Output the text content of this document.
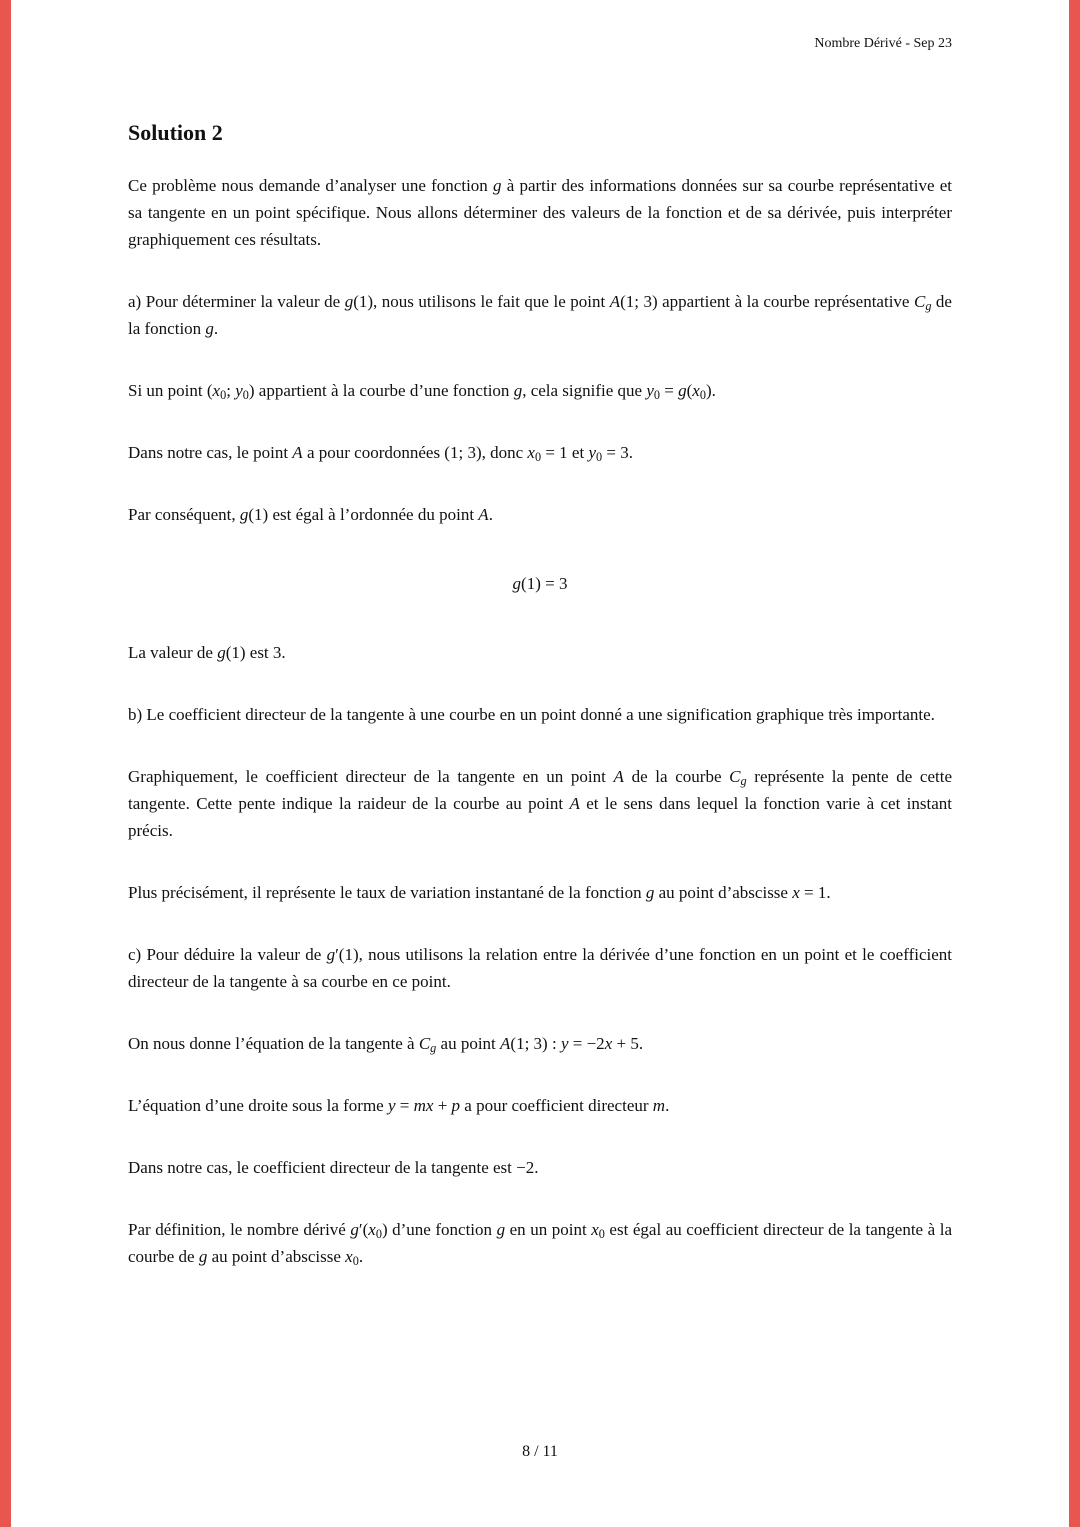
Nombre Dérivé - Sep 23
Solution 2

Ce problème nous demande d’analyser une fonction g à partir des informations données sur sa courbe représentative et sa tangente en un point spécifique. Nous allons déterminer des valeurs de la fonction et de sa dérivée, puis interpréter graphiquement ces résultats.

a) Pour déterminer la valeur de g(1), nous utilisons le fait que le point A(1; 3) appartient à la courbe représentative $C_g$ de la fonction g.

Si un point ($x_0$; $y_0$) appartient à la courbe d’une fonction g, cela signifie que $y_0 = g(x_0)$.

Dans notre cas, le point A a pour coordonnées (1; 3), donc $x_0 = 1$ et $y_0 = 3$.

Par conséquent, g(1) est égal à l’ordonnée du point A.

g(1) = 3

La valeur de g(1) est 3.

b) Le coefficient directeur de la tangente à une courbe en un point donné a une signification graphique très importante.

Graphiquement, le coefficient directeur de la tangente en un point A de la courbe $C_g$ représente la pente de cette tangente. Cette pente indique la raideur de la courbe au point A et le sens dans lequel la fonction varie à cet instant précis.

Plus précisément, il représente le taux de variation instantané de la fonction g au point d’abscisse x = 1.

c) Pour déduire la valeur de g′(1), nous utilisons la relation entre la dérivée d’une fonction en un point et le coefficient directeur de la tangente à sa courbe en ce point.

On nous donne l’équation de la tangente à $C_g$ au point A(1; 3) : y = −2x + 5.

L’équation d’une droite sous la forme y = mx + p a pour coefficient directeur m.

Dans notre cas, le coefficient directeur de la tangente est −2.

Par définition, le nombre dérivé $g'(x_0)$ d’une fonction g en un point $x_0$ est égal au coefficient directeur de la tangente à la courbe de g au point d’abscisse $x_0$.

8 / 11
